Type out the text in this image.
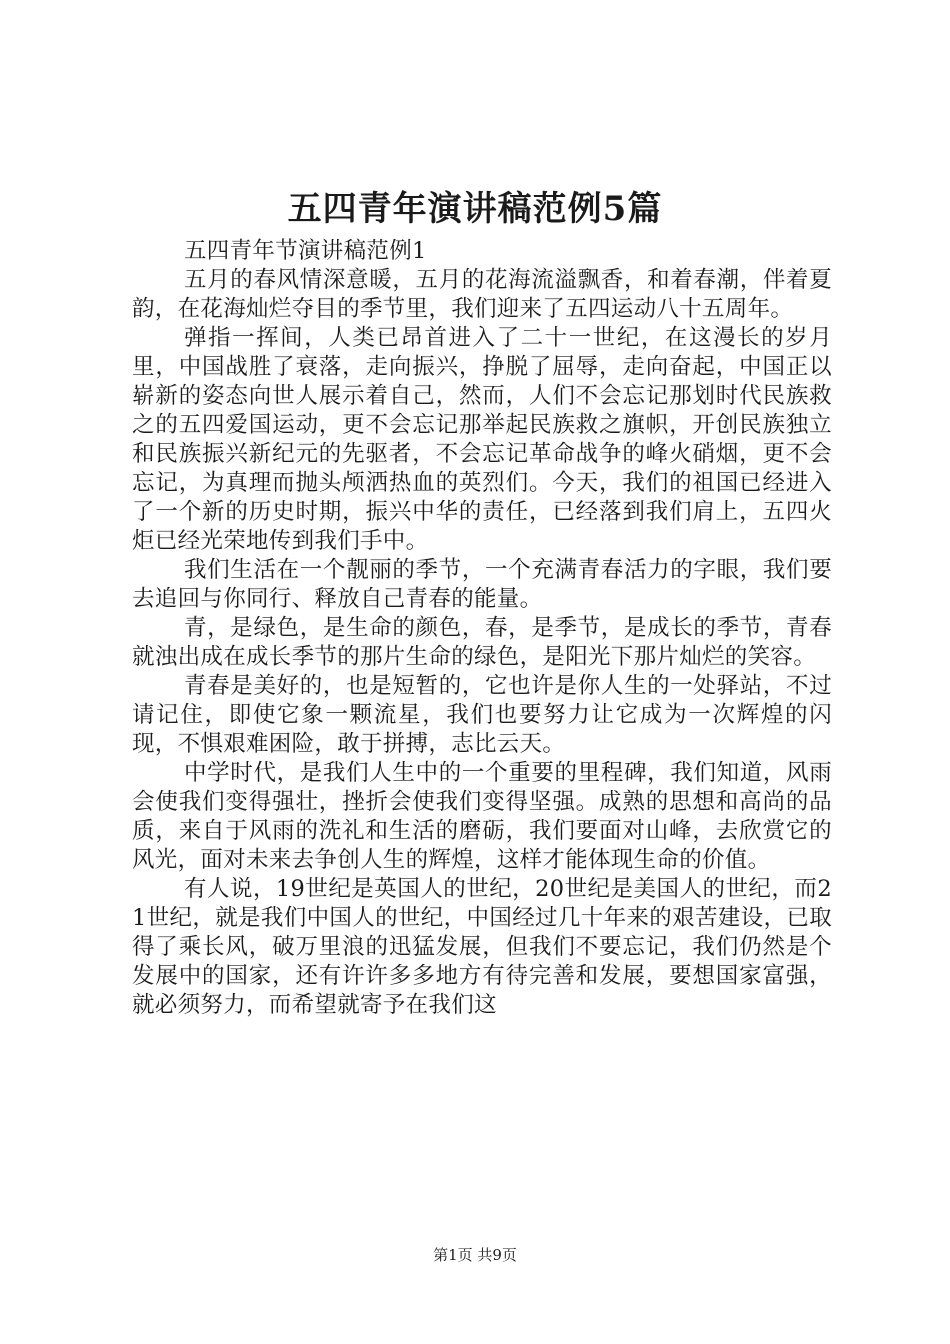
五四青年演讲稿范例5篇

五四青年节演讲稿范例1

五月的春风情深意暖，五月的花海流溢飘香，和着春潮，伴着夏韵，在花海灿烂夺目的季节里，我们迎来了五四运动八十五周年。

弹指一挥间，人类已昂首进入了二十一世纪，在这漫长的岁月里，中国战胜了衰落，走向振兴，挣脱了屈辱，走向奋起，中国正以崭新的姿态向世人展示着自己，然而，人们不会忘记那划时代民族救之的五四爱国运动，更不会忘记那举起民族救之旗帜，开创民族独立和民族振兴新纪元的先驱者，不会忘记革命战争的峰火硝烟，更不会忘记，为真理而抛头颅洒热血的英烈们。今天，我们的祖国已经进入了一个新的历史时期，振兴中华的责任，已经落到我们肩上，五四火炬已经光荣地传到我们手中。

我们生活在一个靓丽的季节，一个充满青春活力的字眼，我们要去追回与你同行、释放自己青春的能量。

青，是绿色，是生命的颜色，春，是季节，是成长的季节，青春就浊出成在成长季节的那片生命的绿色，是阳光下那片灿烂的笑容。

青春是美好的，也是短暂的，它也许是你人生的一处驿站，不过请记住，即使它象一颗流星，我们也要努力让它成为一次辉煌的闪现，不惧艰难困险，敢于拼搏，志比云天。

中学时代，是我们人生中的一个重要的里程碑，我们知道，风雨会使我们变得强壮，挫折会使我们变得坚强。成熟的思想和高尚的品质，来自于风雨的洗礼和生活的磨砺，我们要面对山峰，去欣赏它的风光，面对未来去争创人生的辉煌，这样才能体现生命的价值。

有人说，19世纪是英国人的世纪，20世纪是美国人的世纪，而21世纪，就是我们中国人的世纪，中国经过几十年来的艰苦建设，已取得了乘长风，破万里浪的迅猛发展，但我们不要忘记，我们仍然是个发展中的国家，还有许许多多地方有待完善和发展，要想国家富强，就必须努力，而希望就寄予在我们这

第1页 共9页
